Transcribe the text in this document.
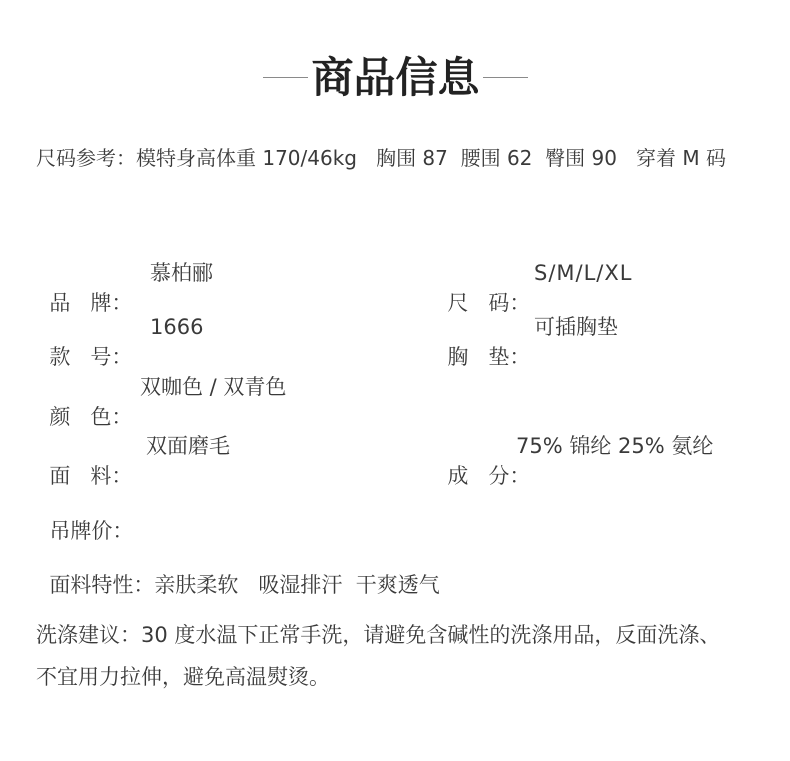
商品信息
尺码参考：模特身高体重 170/46kg   胸围 87  腰围 62  臀围 90   穿着 M 码

品   牌：

慕柏郦

尺   码：

S/M/L/XL

款   号：

1666

胸   垫：

可插胸垫

颜   色：

双咖色 / 双青色

面   料：

双面磨毛

成   分：

75% 锦纶 25% 氨纶

吊牌价：

面料特性：亲肤柔软   吸湿排汗  干爽透气

洗涤建议：30 度水温下正常手洗，请避免含碱性的洗涤用品，反面洗涤、不宜用力拉伸，避免高温熨烫。
